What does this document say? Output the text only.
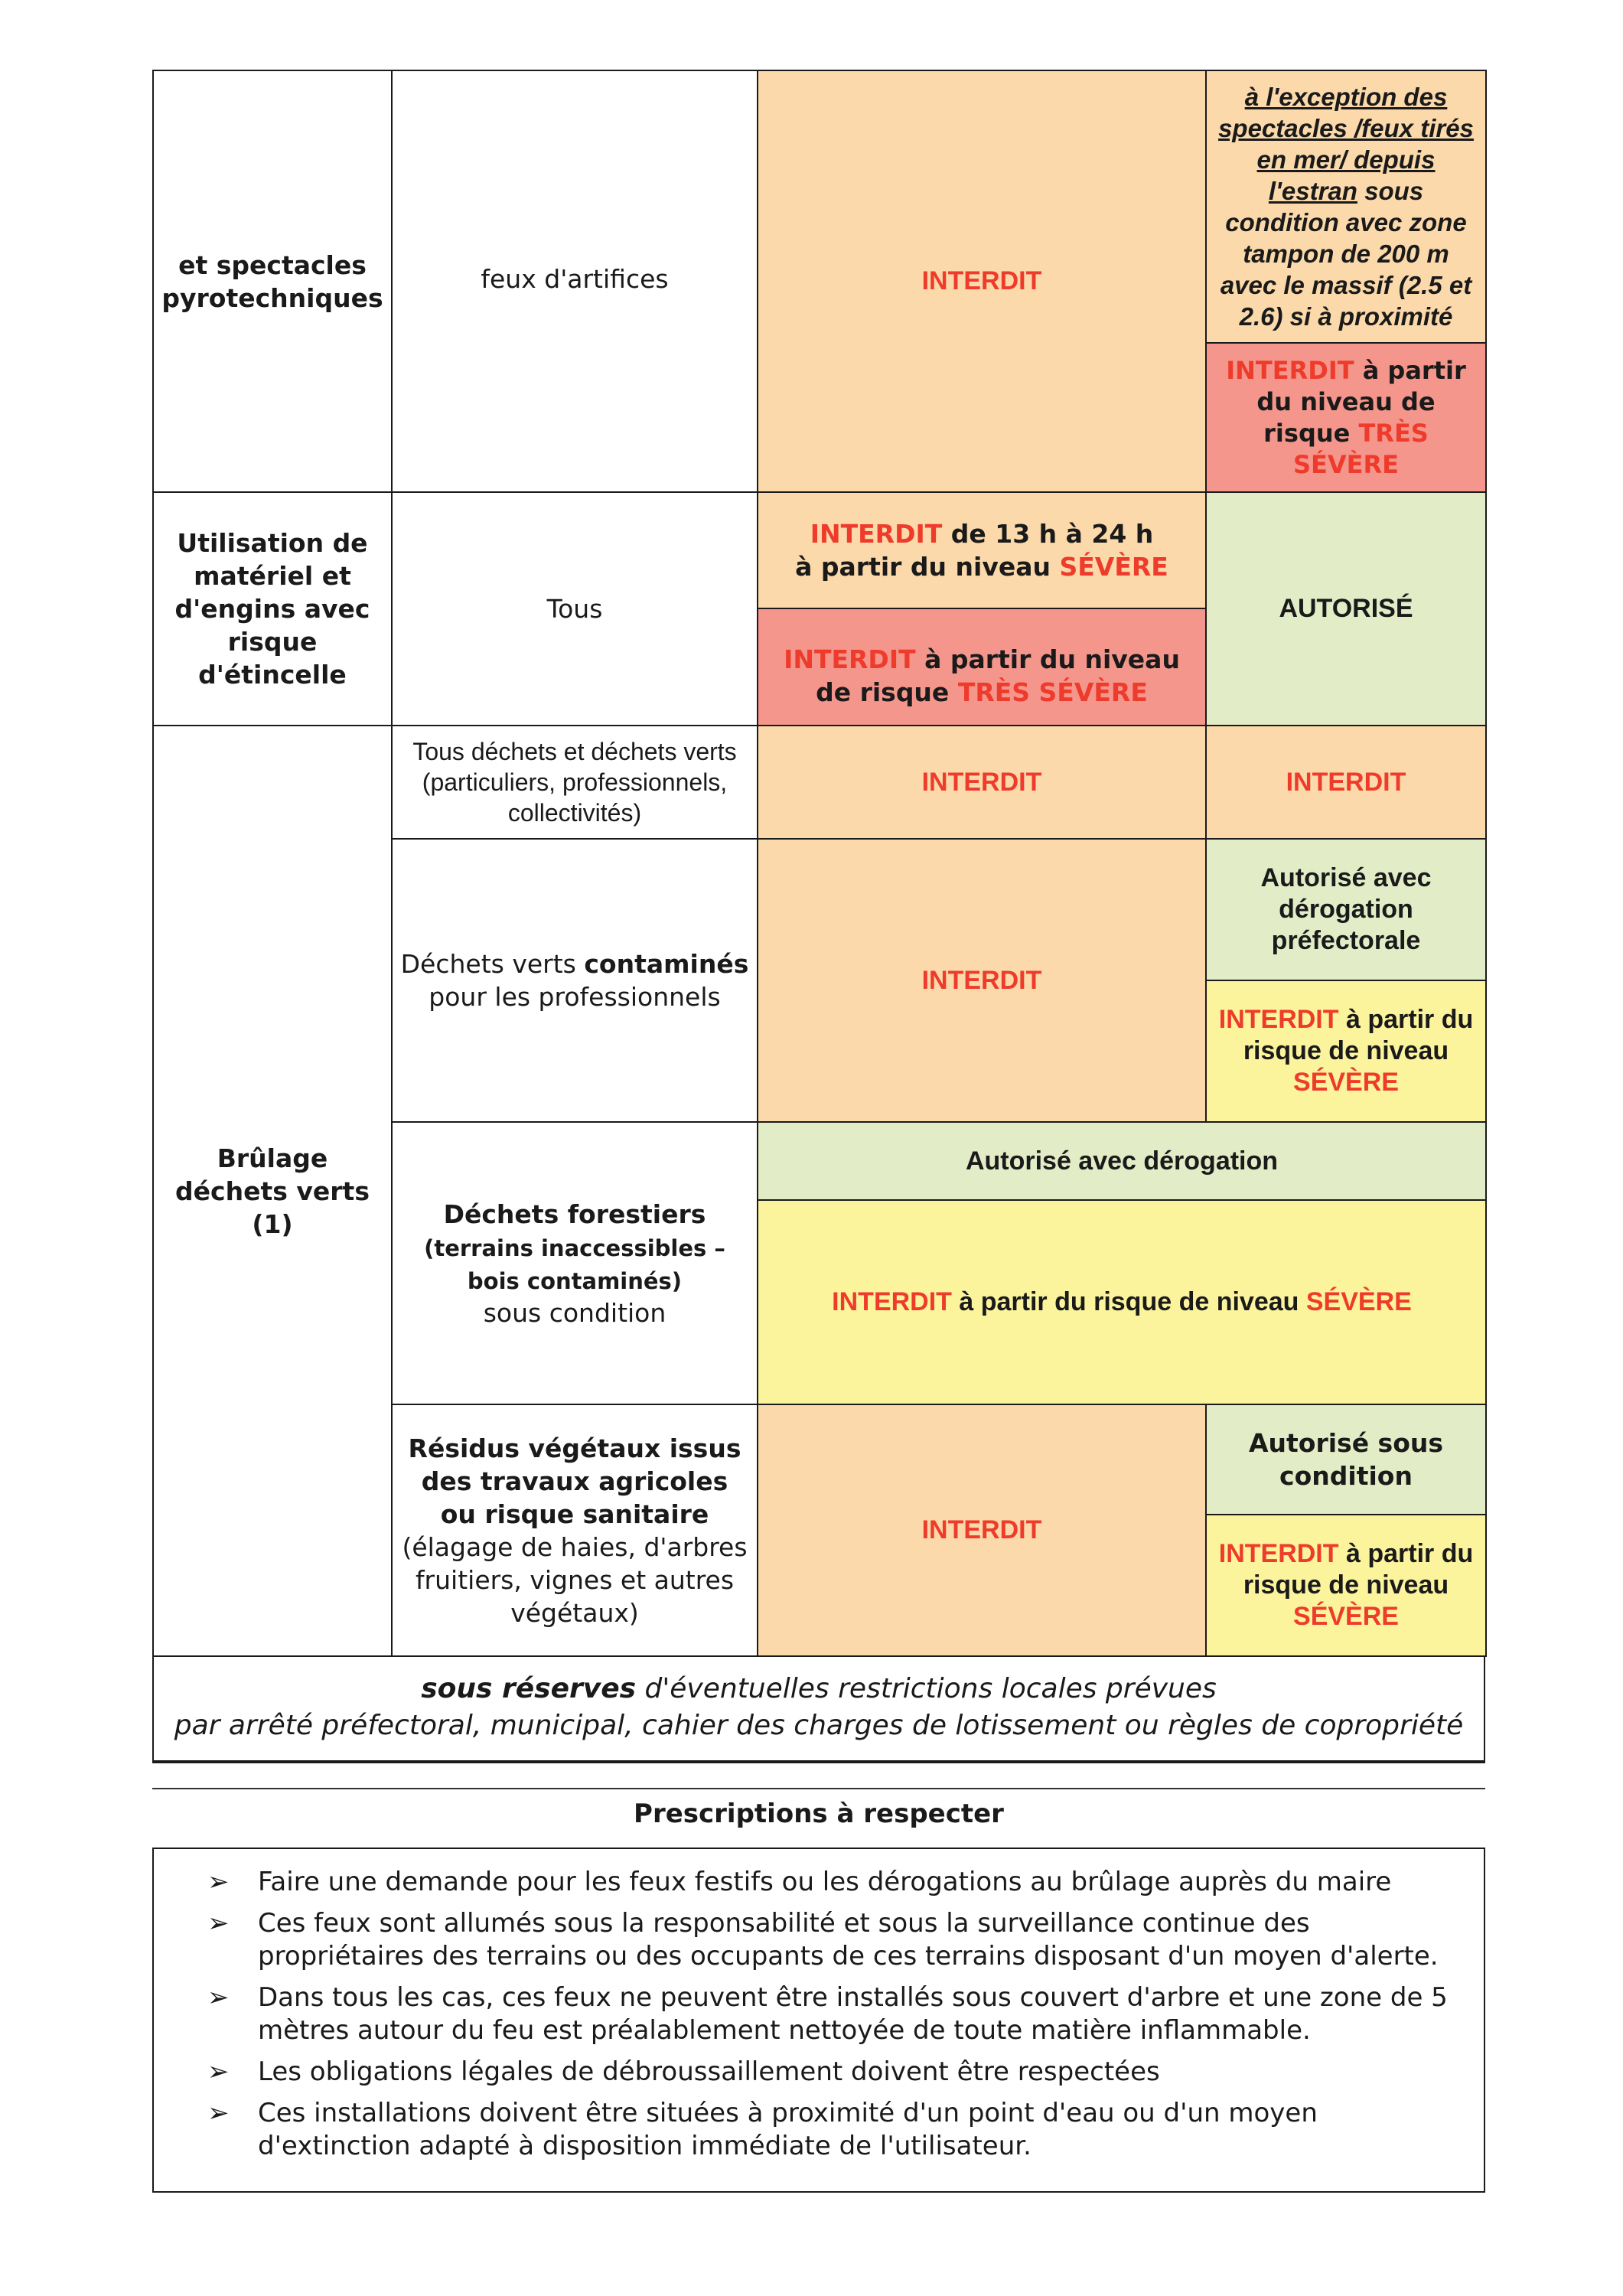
et spectacles pyrotechniques
feux d'artifices	INTERDIT
à l'exception des spectacles /feux tirés en mer/ depuis l'estran sous condition avec zone tampon de 200 m avec le massif (2.5 et 2.6) si à proximité
INTERDIT à partir du niveau de risque TRÈS SÉVÈRE
Utilisation de matériel et d'engins avec risque d'étincelle
Tous
INTERDIT de 13 h à 24 h
à partir du niveau SÉVÈRE
INTERDIT à partir du niveau de risque TRÈS SÉVÈRE
AUTORISÉ
Brûlage déchets verts (1)
Tous déchets et déchets verts (particuliers, professionnels, collectivités)
INTERDIT	INTERDIT
Déchets verts contaminés pour les professionnels
INTERDIT
Autorisé avec dérogation préfectorale
INTERDIT à partir du risque de niveau SÉVÈRE
Déchets forestiers (terrains inaccessibles – bois contaminés)
sous condition
Autorisé avec dérogation
INTERDIT à partir du risque de niveau SÉVÈRE
Résidus végétaux issus des travaux agricoles ou risque sanitaire
(élagage de haies, d'arbres fruitiers, vignes et autres végétaux)
INTERDIT
Autorisé sous condition
INTERDIT à partir du risque de niveau SÉVÈRE
sous réserves d'éventuelles restrictions locales prévues
par arrêté préfectoral, municipal, cahier des charges de lotissement ou règles de copropriété
Prescriptions à respecter
➢ Faire une demande pour les feux festifs ou les dérogations au brûlage auprès du maire
➢ Ces feux sont allumés sous la responsabilité et sous la surveillance continue des propriétaires des terrains ou des occupants de ces terrains disposant d'un moyen d'alerte.
➢ Dans tous les cas, ces feux ne peuvent être installés sous couvert d'arbre et une zone de 5 mètres autour du feu est préalablement nettoyée de toute matière inflammable.
➢ Les obligations légales de débroussaillement doivent être respectées
➢ Ces installations doivent être situées à proximité d'un point d'eau ou d'un moyen d'extinction adapté à disposition immédiate de l'utilisateur.
